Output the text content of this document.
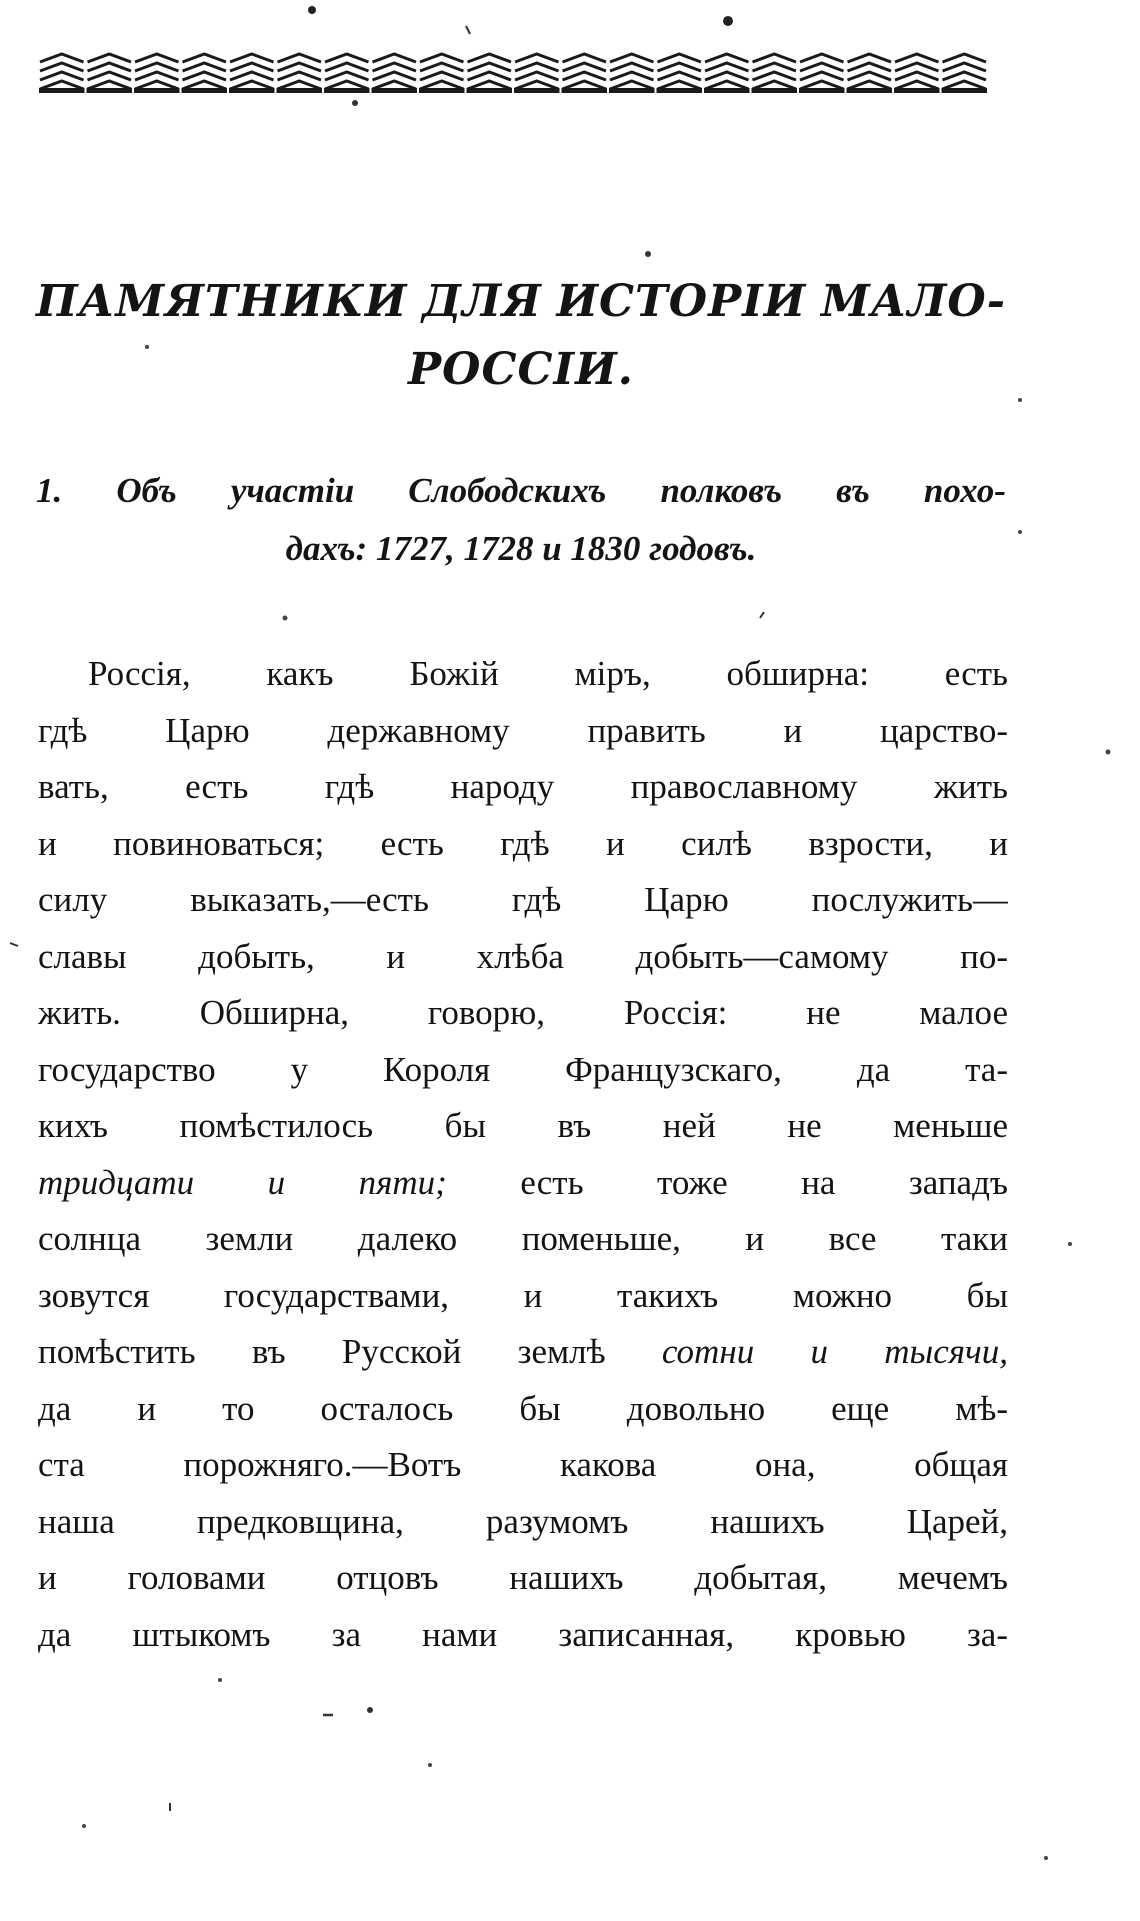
ПАМЯТНИКИ ДЛЯ ИСТОРІИ МАЛО-
РОССІИ.
1. Объ участіи Слободскихъ полковъ въ похо-
дахъ: 1727, 1728 и 1830 годовъ.
Россія, какъ Божій міръ, обширна: есть
гдѣ Царю державному править и царство-
вать, есть гдѣ народу православному жить
и повиноваться; есть гдѣ и силѣ взрости, и
силу выказать,—есть гдѣ Царю послужить—
славы добыть, и хлѣба добыть—самому по-
жить. Обширна, говорю, Россія: не малое
государство у Короля Французскаго, да та-
кихъ помѣстилось бы въ ней не меньше
тридцати и пяти; есть тоже на западъ
солнца земли далеко поменьше, и все таки
зовутся государствами, и такихъ можно бы
помѣстить въ Русской землѣ сотни и тысячи,
да и то осталось бы довольно еще мѣ-
ста порожняго.—Вотъ какова она, общая
наша предковщина, разумомъ нашихъ Царей,
и головами отцовъ нашихъ добытая, мечемъ
да штыкомъ за нами записанная, кровью за-
